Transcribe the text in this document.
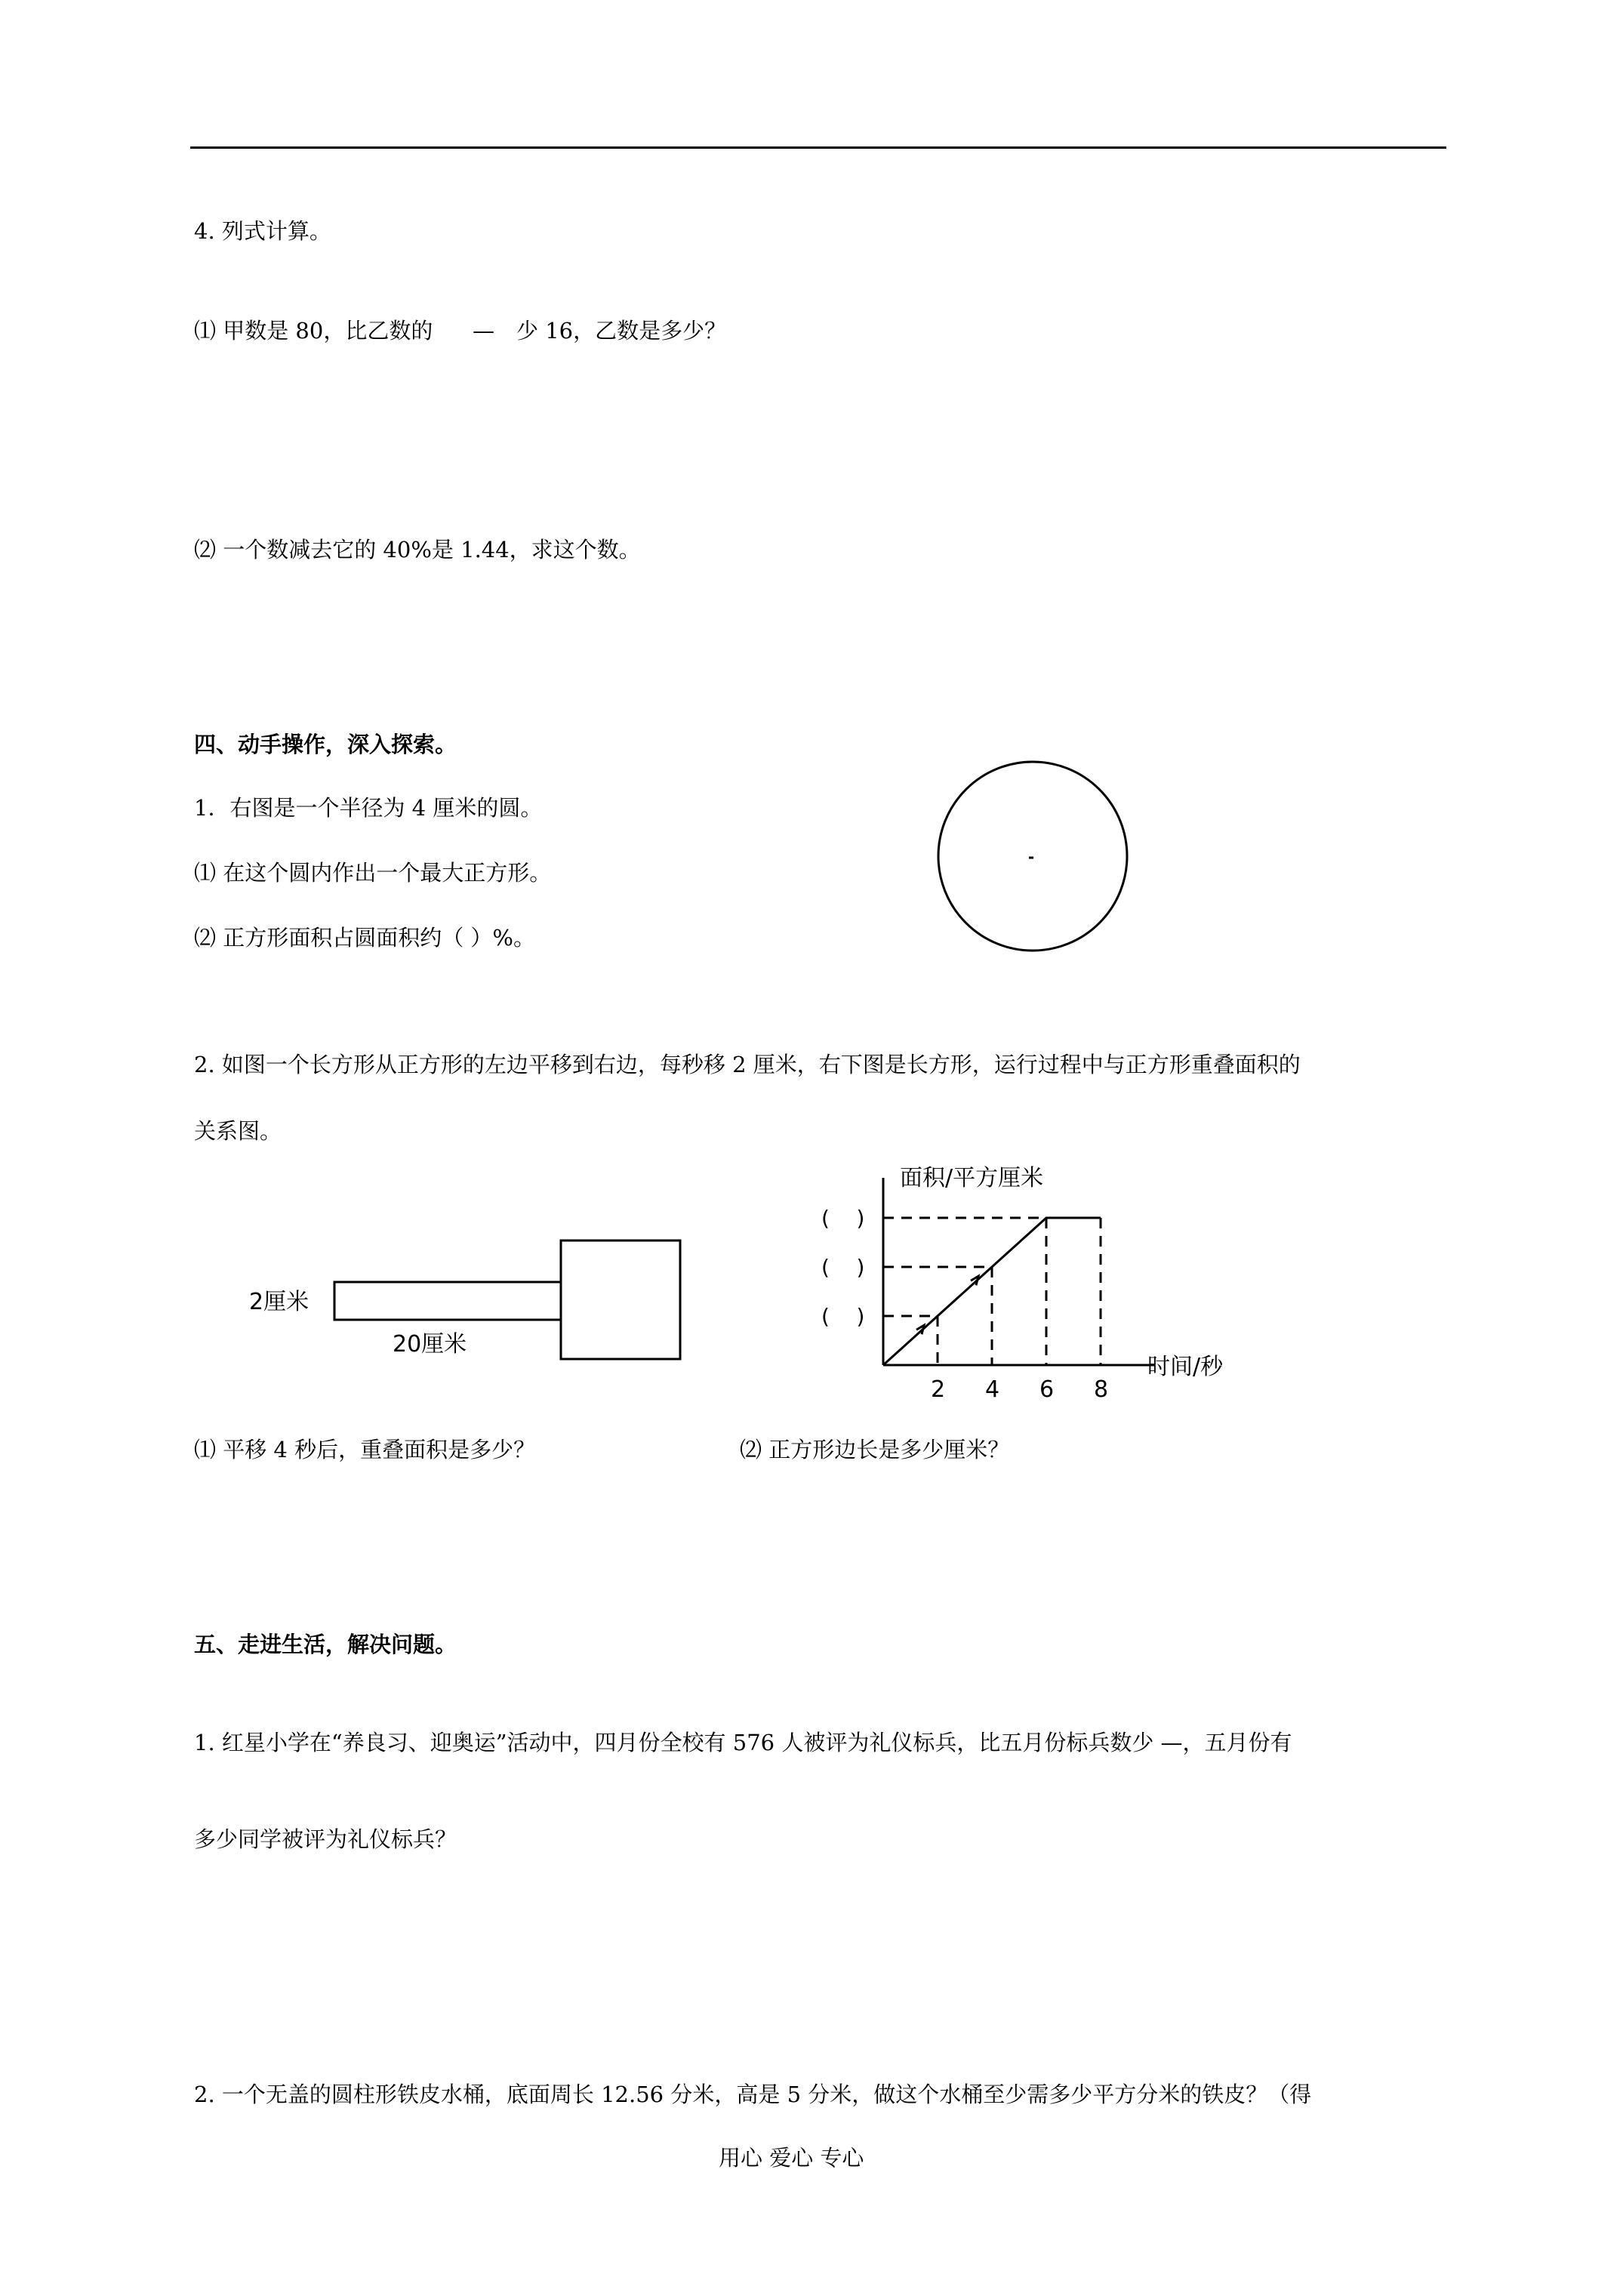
4. 列式计算。
⑴ 甲数是 80，比乙数的 — 少 16，乙数是多少？
⑵ 一个数减去它的 40%是 1.44，求这个数。
四、动手操作，深入探索。
1．右图是一个半径为 4 厘米的圆。
⑴ 在这个圆内作出一个最大正方形。
⑵ 正方形面积占圆面积约（ ）%。
2. 如图一个长方形从正方形的左边平移到右边，每秒移 2 厘米，右下图是长方形，运行过程中与正方形重叠面积的
关系图。
2厘米
20厘米
面积/平方厘米
时间/秒
2 4 6 8
(    )
(    )
(    )
⑴ 平移 4 秒后，重叠面积是多少？	⑵ 正方形边长是多少厘米？
五、走进生活，解决问题。
1. 红星小学在“养良习、迎奥运”活动中，四月份全校有 576 人被评为礼仪标兵，比五月份标兵数少 —，五月份有
多少同学被评为礼仪标兵？
2. 一个无盖的圆柱形铁皮水桶，底面周长 12.56 分米，高是 5 分米，做这个水桶至少需多少平方分米的铁皮？（得
用心 爱心 专心
